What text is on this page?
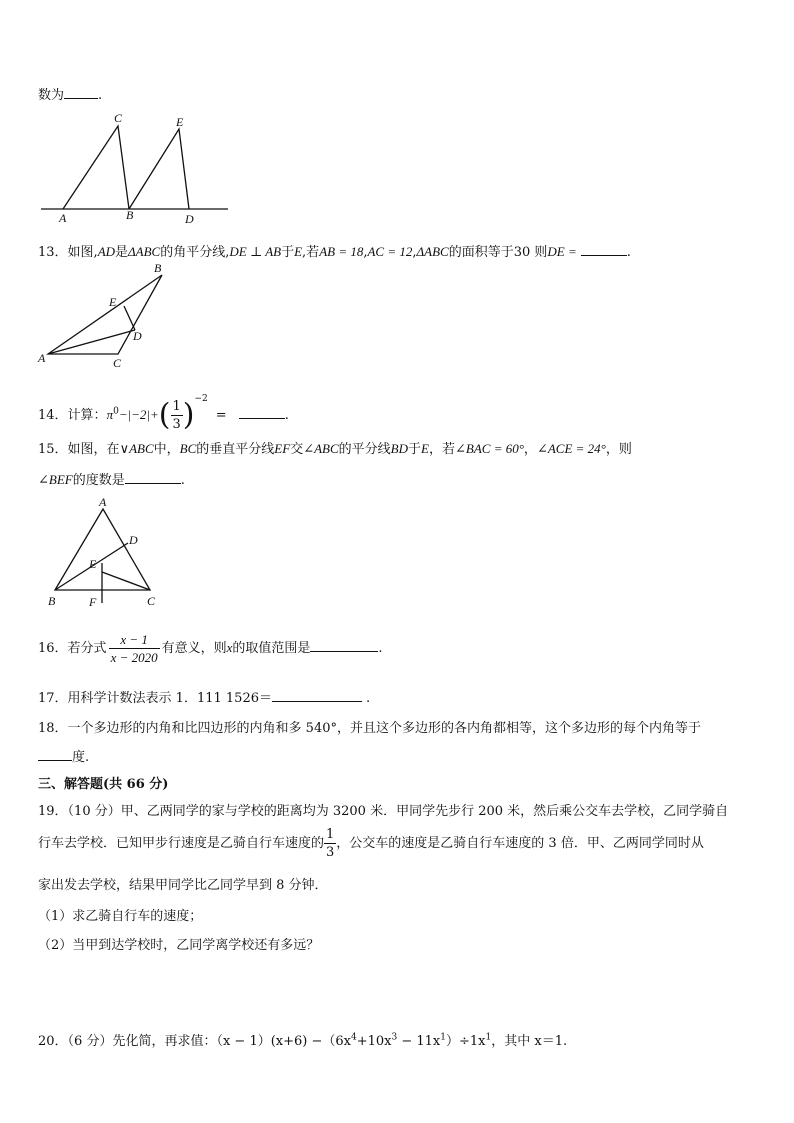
数为	.
C	E
A	B	D
13．如图,AD是ΔABC的角平分线,DE ⊥ AB于E,若AB = 18,AC = 12,ΔABC的面积等于30 则DE =	.
B
E
D
A	C
14．计算：$\pi^0-|-2|+( \frac{1}{3} )^{-2}=$	.
15．如图，在∨ABC中，BC的垂直平分线EF交∠ABC的平分线BD于E，若∠BAC = 60°，∠ACE = 24°，则
∠BEF的度数是	.
A
D
E
B	F	C
16．若分式 $\frac{x - 1}{x - 2020}$ 有意义，则x的取值范围是	.
17．用科学计数法表示 1．111 1526＝	.
18．一个多边形的内角和比四边形的内角和多 540°，并且这个多边形的各内角都相等，这个多边形的每个内角等于
度.
三、解答题(共 66 分)
19．（10 分）甲、乙两同学的家与学校的距离均为 3200 米．甲同学先步行 200 米，然后乘公交车去学校，乙同学骑自
行车去学校．已知甲步行速度是乙骑自行车速度的 $\frac{1}{3}$ ，公交车的速度是乙骑自行车速度的 3 倍．甲、乙两同学同时从
家出发去学校，结果甲同学比乙同学早到 8 分钟．
（1）求乙骑自行车的速度；
（2）当甲到达学校时，乙同学离学校还有多远？
20．（6 分）先化简，再求值：$(x - 1)(x+6) -(6x^4+10x^3 - 11x^1)\div 1x^1$，其中 x＝1.
